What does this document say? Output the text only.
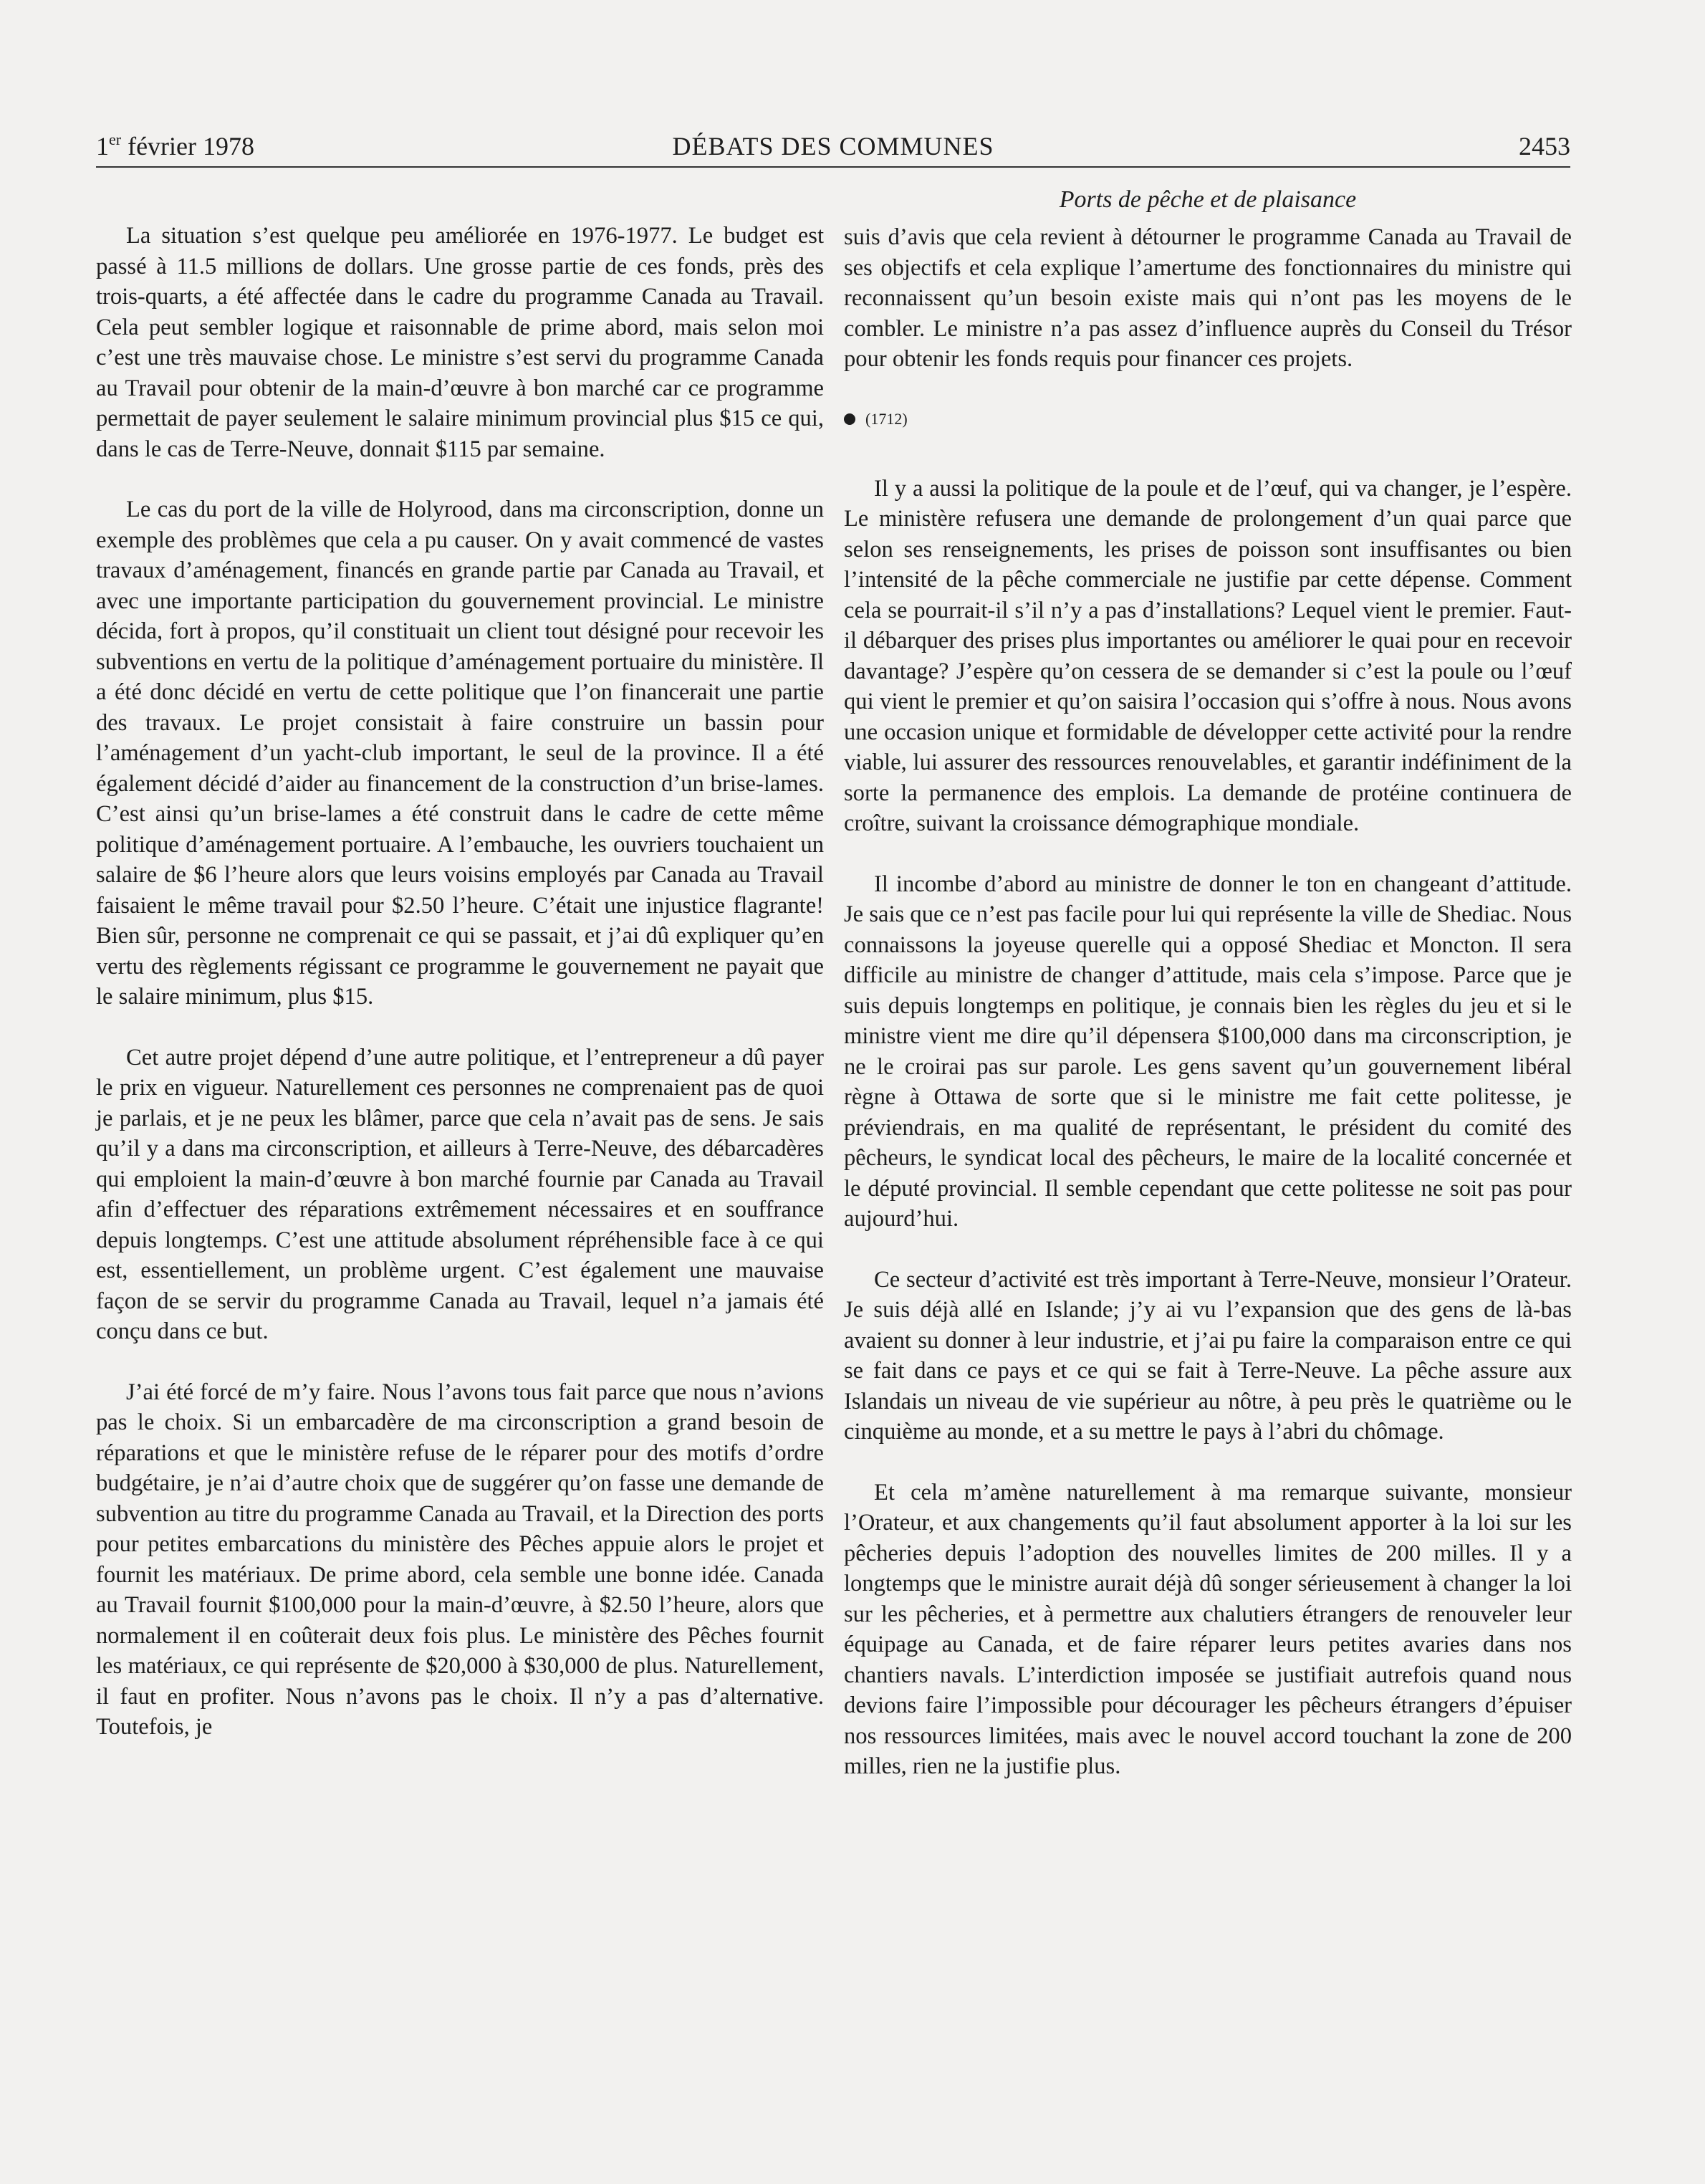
1er février 1978	DÉBATS DES COMMUNES	2453
Ports de pêche et de plaisance

La situation s’est quelque peu améliorée en 1976-1977. Le budget est passé à 11.5 millions de dollars. Une grosse partie de ces fonds, près des trois-quarts, a été affectée dans le cadre du programme Canada au Travail. Cela peut sembler logique et raisonnable de prime abord, mais selon moi c’est une très mauvaise chose. Le ministre s’est servi du programme Canada au Travail pour obtenir de la main-d’œuvre à bon marché car ce programme permettait de payer seulement le salaire minimum provincial plus $15 ce qui, dans le cas de Terre-Neuve, donnait $115 par semaine.

Le cas du port de la ville de Holyrood, dans ma circonscription, donne un exemple des problèmes que cela a pu causer. On y avait commencé de vastes travaux d’aménagement, financés en grande partie par Canada au Travail, et avec une importante participation du gouvernement provincial. Le ministre décida, fort à propos, qu’il constituait un client tout désigné pour recevoir les subventions en vertu de la politique d’aménagement portuaire du ministère. Il a été donc décidé en vertu de cette politique que l’on financerait une partie des travaux. Le projet consistait à faire construire un bassin pour l’aménagement d’un yacht-club important, le seul de la province. Il a été également décidé d’aider au financement de la construction d’un brise-lames. C’est ainsi qu’un brise-lames a été construit dans le cadre de cette même politique d’aménagement portuaire. A l’embauche, les ouvriers touchaient un salaire de $6 l’heure alors que leurs voisins employés par Canada au Travail faisaient le même travail pour $2.50 l’heure. C’était une injustice flagrante! Bien sûr, personne ne comprenait ce qui se passait, et j’ai dû expliquer qu’en vertu des règlements régissant ce programme le gouvernement ne payait que le salaire minimum, plus $15.

Cet autre projet dépend d’une autre politique, et l’entrepreneur a dû payer le prix en vigueur. Naturellement ces personnes ne comprenaient pas de quoi je parlais, et je ne peux les blâmer, parce que cela n’avait pas de sens. Je sais qu’il y a dans ma circonscription, et ailleurs à Terre-Neuve, des débarcadères qui emploient la main-d’œuvre à bon marché fournie par Canada au Travail afin d’effectuer des réparations extrêmement nécessaires et en souffrance depuis longtemps. C’est une attitude absolument répréhensible face à ce qui est, essentiellement, un problème urgent. C’est également une mauvaise façon de se servir du programme Canada au Travail, lequel n’a jamais été conçu dans ce but.

J’ai été forcé de m’y faire. Nous l’avons tous fait parce que nous n’avions pas le choix. Si un embarcadère de ma circonscription a grand besoin de réparations et que le ministère refuse de le réparer pour des motifs d’ordre budgétaire, je n’ai d’autre choix que de suggérer qu’on fasse une demande de subvention au titre du programme Canada au Travail, et la Direction des ports pour petites embarcations du ministère des Pêches appuie alors le projet et fournit les matériaux. De prime abord, cela semble une bonne idée. Canada au Travail fournit $100,000 pour la main-d’œuvre, à $2.50 l’heure, alors que normalement il en coûterait deux fois plus. Le ministère des Pêches fournit les matériaux, ce qui représente de $20,000 à $30,000 de plus. Naturellement, il faut en profiter. Nous n’avons pas le choix. Il n’y a pas d’alternative. Toutefois, je

suis d’avis que cela revient à détourner le programme Canada au Travail de ses objectifs et cela explique l’amertume des fonctionnaires du ministre qui reconnaissent qu’un besoin existe mais qui n’ont pas les moyens de le combler. Le ministre n’a pas assez d’influence auprès du Conseil du Trésor pour obtenir les fonds requis pour financer ces projets.

(1712)

Il y a aussi la politique de la poule et de l’œuf, qui va changer, je l’espère. Le ministère refusera une demande de prolongement d’un quai parce que selon ses renseignements, les prises de poisson sont insuffisantes ou bien l’intensité de la pêche commerciale ne justifie par cette dépense. Comment cela se pourrait-il s’il n’y a pas d’installations? Lequel vient le premier. Faut-il débarquer des prises plus importantes ou améliorer le quai pour en recevoir davantage? J’espère qu’on cessera de se demander si c’est la poule ou l’œuf qui vient le premier et qu’on saisira l’occasion qui s’offre à nous. Nous avons une occasion unique et formidable de développer cette activité pour la rendre viable, lui assurer des ressources renouvelables, et garantir indéfiniment de la sorte la permanence des emplois. La demande de protéine continuera de croître, suivant la croissance démographique mondiale.

Il incombe d’abord au ministre de donner le ton en changeant d’attitude. Je sais que ce n’est pas facile pour lui qui représente la ville de Shediac. Nous connaissons la joyeuse querelle qui a opposé Shediac et Moncton. Il sera difficile au ministre de changer d’attitude, mais cela s’impose. Parce que je suis depuis longtemps en politique, je connais bien les règles du jeu et si le ministre vient me dire qu’il dépensera $100,000 dans ma circonscription, je ne le croirai pas sur parole. Les gens savent qu’un gouvernement libéral règne à Ottawa de sorte que si le ministre me fait cette politesse, je préviendrais, en ma qualité de représentant, le président du comité des pêcheurs, le syndicat local des pêcheurs, le maire de la localité concernée et le député provincial. Il semble cependant que cette politesse ne soit pas pour aujourd’hui.

Ce secteur d’activité est très important à Terre-Neuve, monsieur l’Orateur. Je suis déjà allé en Islande; j’y ai vu l’expansion que des gens de là-bas avaient su donner à leur industrie, et j’ai pu faire la comparaison entre ce qui se fait dans ce pays et ce qui se fait à Terre-Neuve. La pêche assure aux Islandais un niveau de vie supérieur au nôtre, à peu près le quatrième ou le cinquième au monde, et a su mettre le pays à l’abri du chômage.

Et cela m’amène naturellement à ma remarque suivante, monsieur l’Orateur, et aux changements qu’il faut absolument apporter à la loi sur les pêcheries depuis l’adoption des nouvelles limites de 200 milles. Il y a longtemps que le ministre aurait déjà dû songer sérieusement à changer la loi sur les pêcheries, et à permettre aux chalutiers étrangers de renouveler leur équipage au Canada, et de faire réparer leurs petites avaries dans nos chantiers navals. L’interdiction imposée se justifiait autrefois quand nous devions faire l’impossible pour décourager les pêcheurs étrangers d’épuiser nos ressources limitées, mais avec le nouvel accord touchant la zone de 200 milles, rien ne la justifie plus.
